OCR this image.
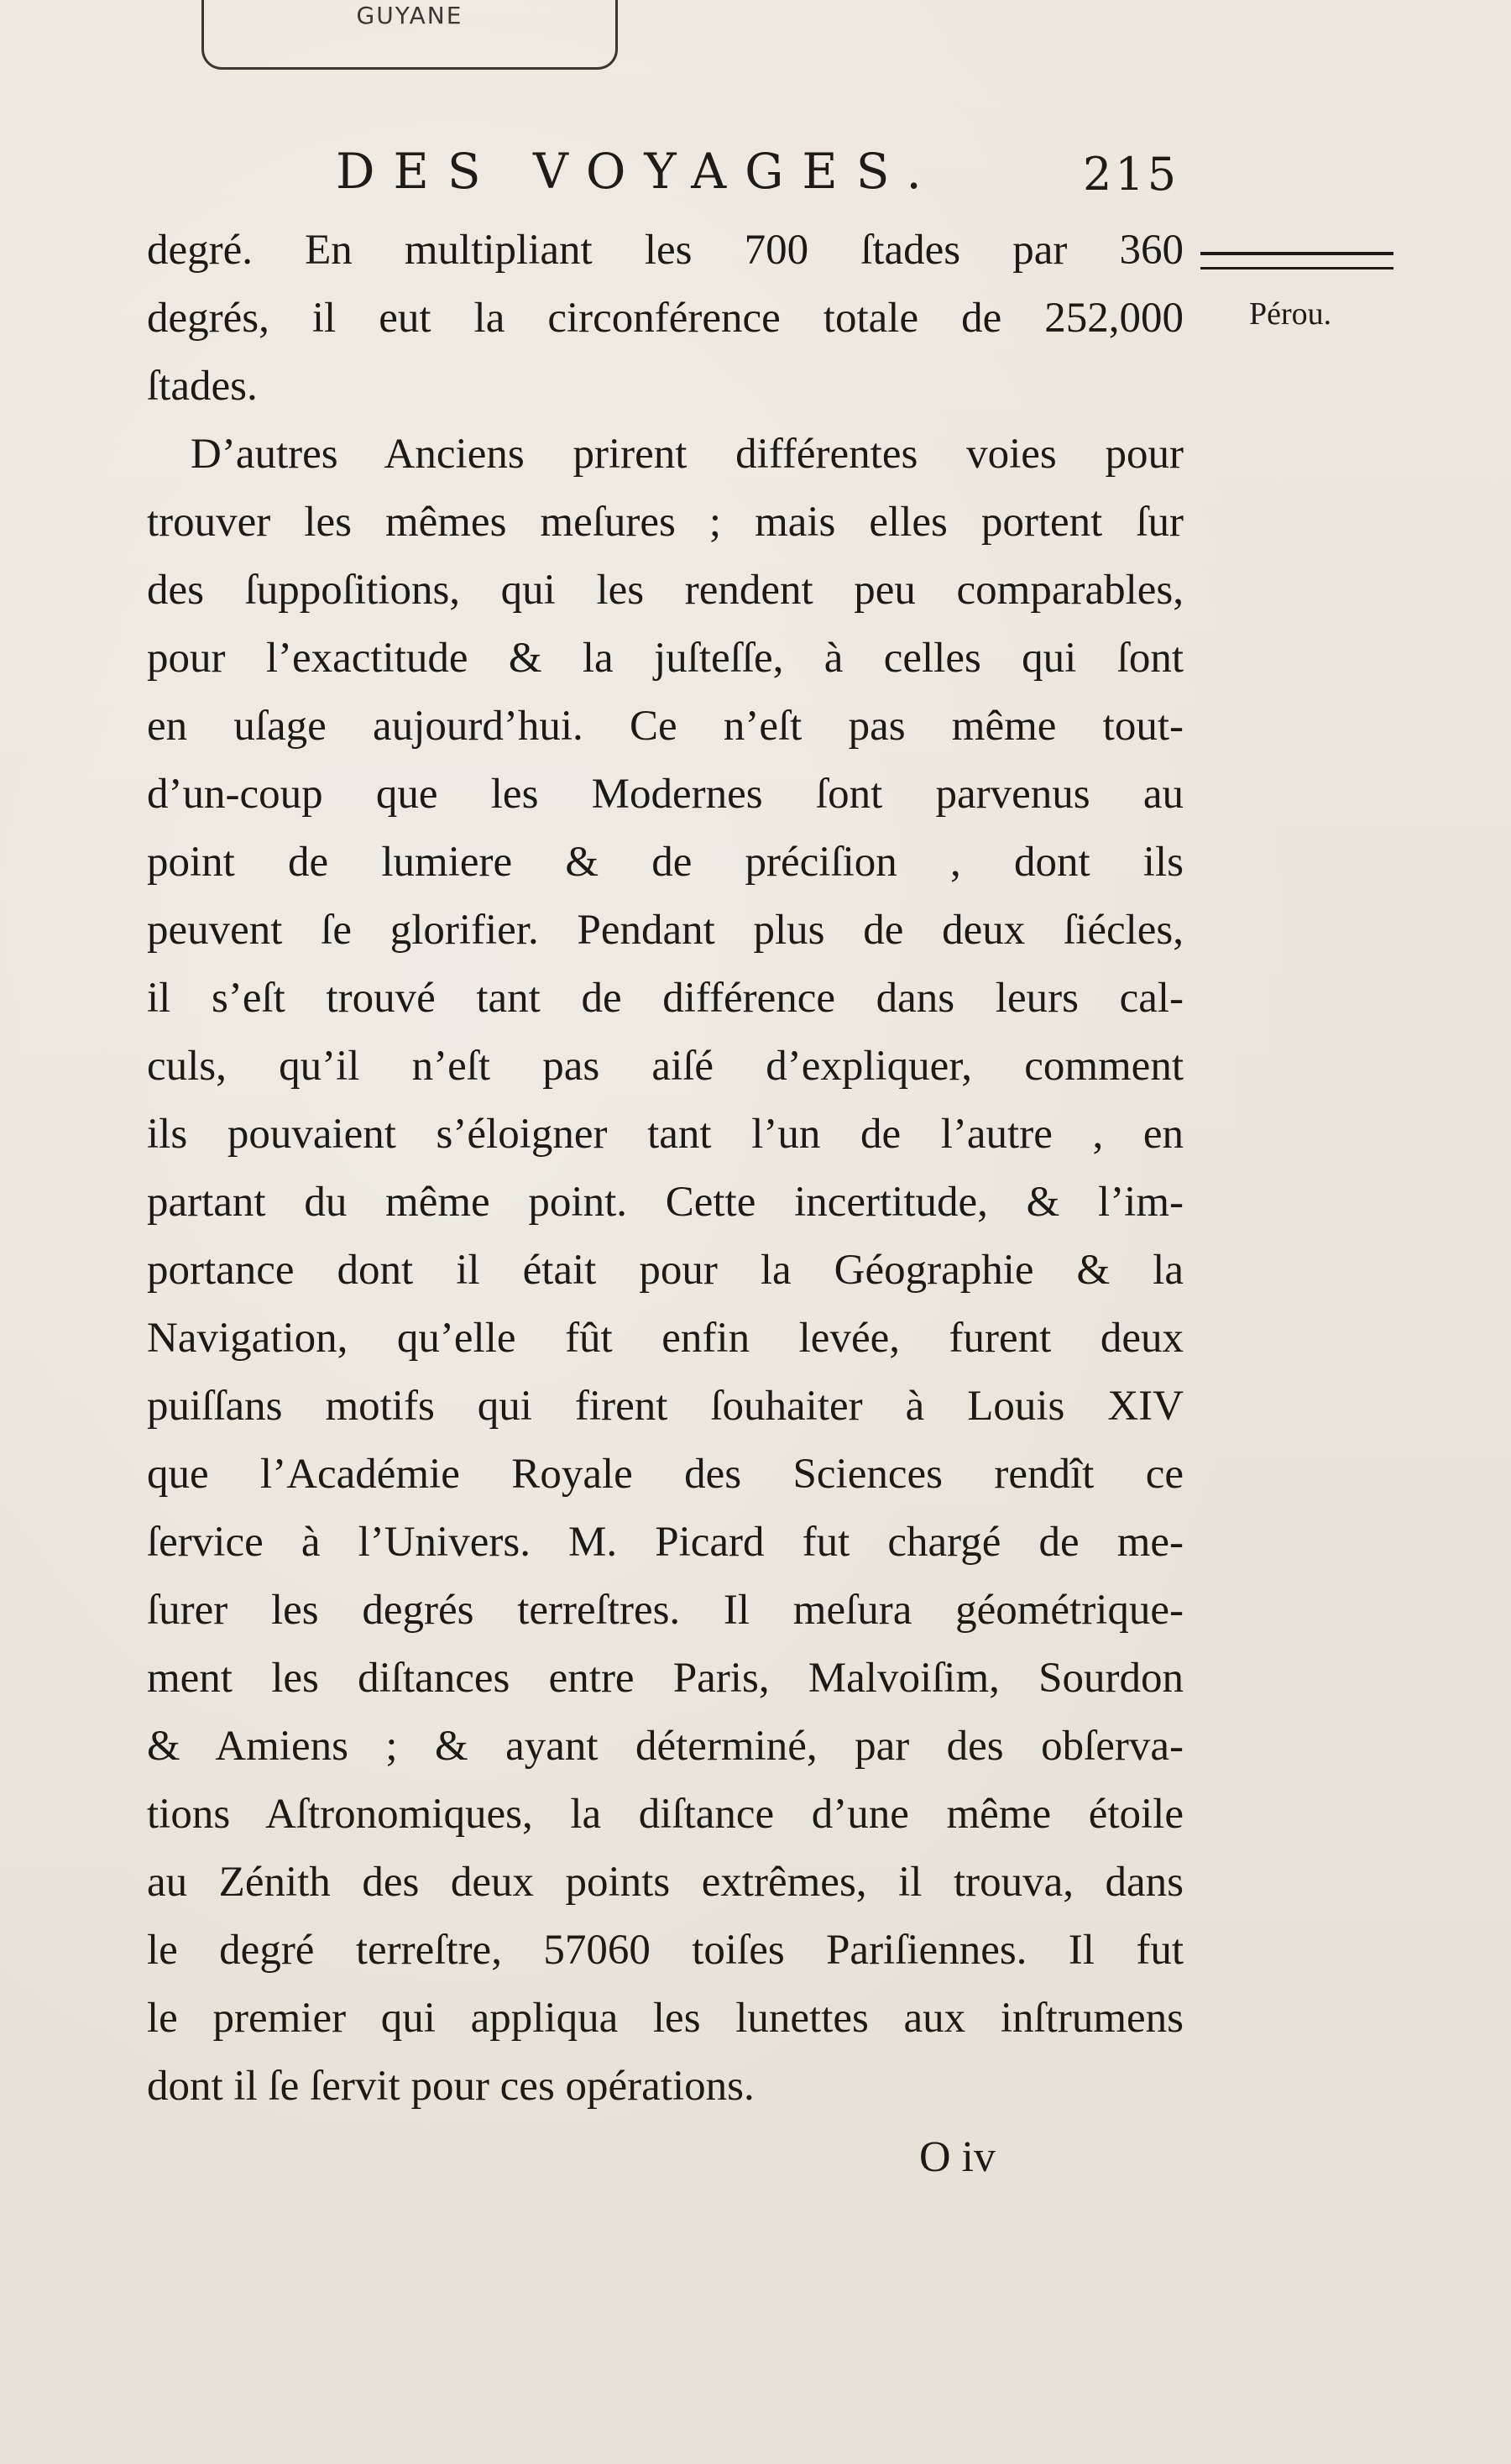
GUYANE
DES VOYAGES.	215
Pérou.
degré. En multipliant les 700 ſtades par 360
degrés, il eut la circonférence totale de 252,000
ſtades.
D’autres Anciens prirent différentes voies pour
trouver les mêmes meſures ; mais elles portent ſur
des ſuppoſitions, qui les rendent peu comparables,
pour l’exactitude & la juſteſſe, à celles qui ſont
en uſage aujourd’hui. Ce n’eſt pas même tout-
d’un-coup que les Modernes ſont parvenus au
point de lumiere & de préciſion , dont ils
peuvent ſe glorifier. Pendant plus de deux ſiécles,
il s’eſt trouvé tant de différence dans leurs cal-
culs, qu’il n’eſt pas aiſé d’expliquer, comment
ils pouvaient s’éloigner tant l’un de l’autre , en
partant du même point. Cette incertitude, & l’im-
portance dont il était pour la Géographie & la
Navigation, qu’elle fût enfin levée, furent deux
puiſſans motifs qui firent ſouhaiter à Louis XIV
que l’Académie Royale des Sciences rendît ce
ſervice à l’Univers. M. Picard fut chargé de me-
ſurer les degrés terreſtres. Il meſura géométrique-
ment les diſtances entre Paris, Malvoiſim, Sourdon
& Amiens ; & ayant déterminé, par des obſerva-
tions Aſtronomiques, la diſtance d’une même étoile
au Zénith des deux points extrêmes, il trouva, dans
le degré terreſtre, 57060 toiſes Pariſiennes. Il fut
le premier qui appliqua les lunettes aux inſtrumens
dont il ſe ſervit pour ces opérations.
O iv
